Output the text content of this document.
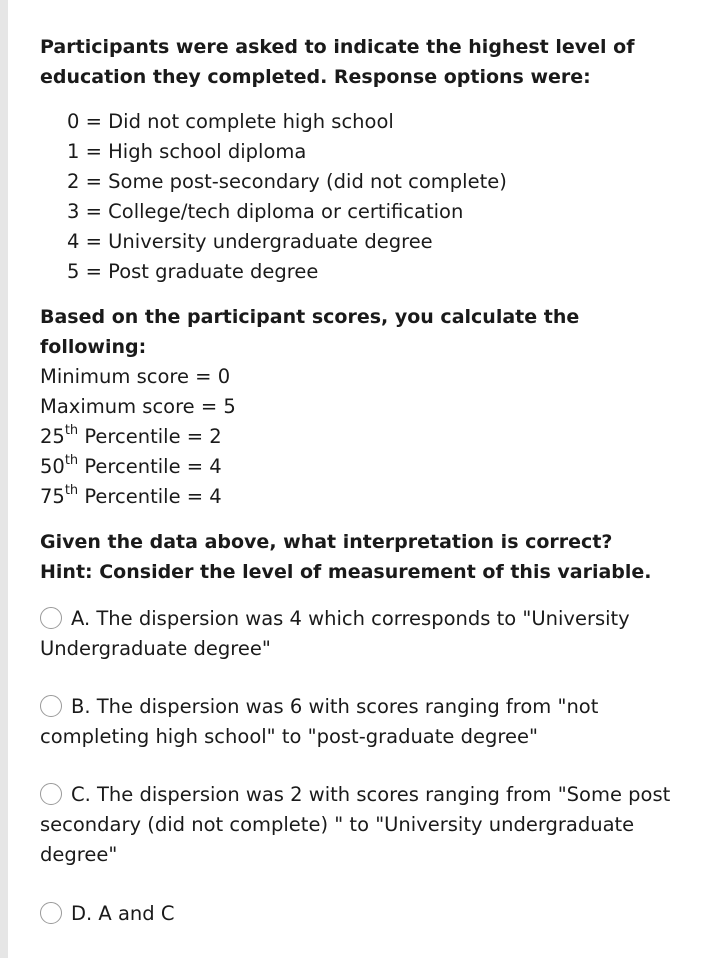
Participants were asked to indicate the highest level of education they completed. Response options were:

0 = Did not complete high school
1 = High school diploma
2 = Some post-secondary (did not complete)
3 = College/tech diploma or certification
4 = University undergraduate degree
5 = Post graduate degree

Based on the participant scores, you calculate the following:

Minimum score = 0

Maximum score = 5

25th Percentile = 2

50th Percentile = 4

75th Percentile = 4

Given the data above, what interpretation is correct?

Hint: Consider the level of measurement of this variable.

A. The dispersion was 4 which corresponds to "University Undergraduate degree"
B. The dispersion was 6 with scores ranging from "not completing high school" to "post-graduate degree"
C. The dispersion was 2 with scores ranging from "Some post secondary (did not complete) " to "University undergraduate degree"
D. A and C
